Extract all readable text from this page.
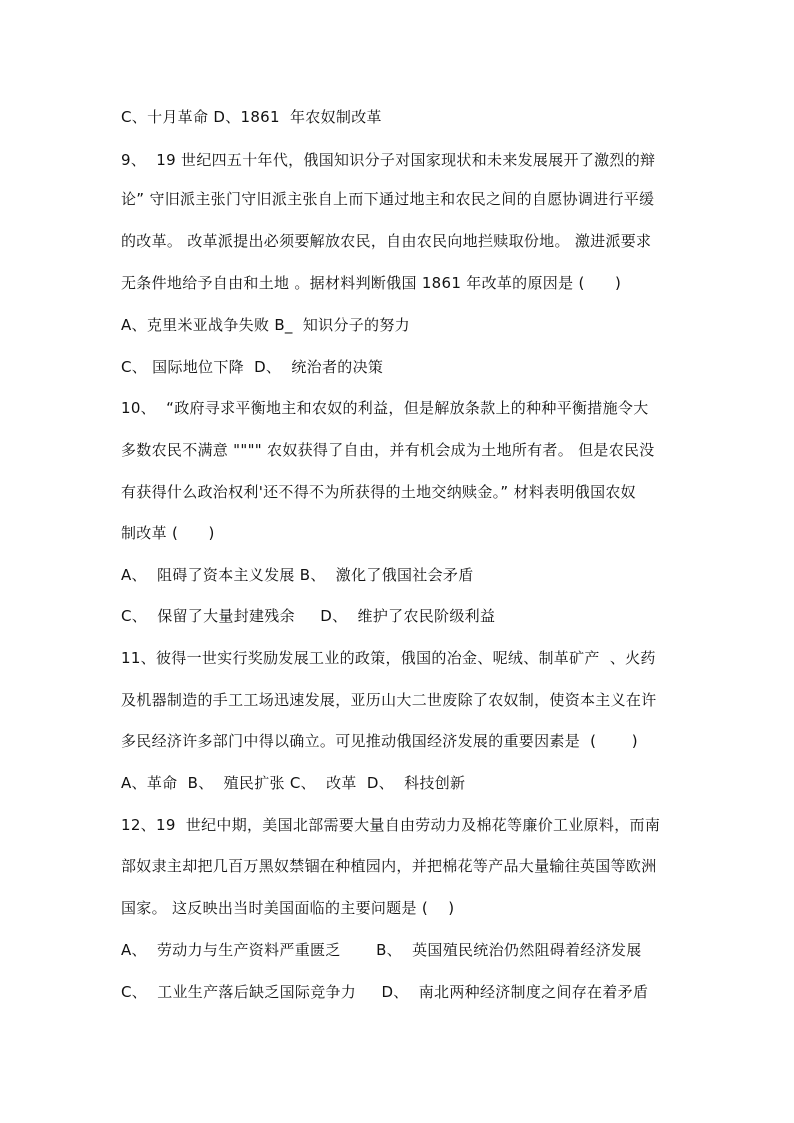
C、十月革命 D、1861  年农奴制改革
9、  19 世纪四五十年代，俄国知识分子对国家现状和未来发展展开了激烈的辩
论” 守旧派主张门守旧派主张自上而下通过地主和农民之间的自愿协调进行平缓
的改革。 改革派提出必须要解放农民，自由农民向地拦赎取份地。 激进派要求
无条件地给予自由和土地 。据材料判断俄国 1861 年改革的原因是 (      )
A、克里米亚战争失败 B_  知识分子的努力
C、 国际地位下降  D、  统治者的决策
10、  “政府寻求平衡地主和农奴的利益，但是解放条款上的种种平衡措施令大
多数农民不满意 """" 农奴获得了自由，并有机会成为土地所有者。 但是农民没
有获得什么政治权利'还不得不为所获得的土地交纳赎金。” 材料表明俄国农奴
制改革 (      )
A、  阻碍了资本主义发展 B、  激化了俄国社会矛盾
C、  保留了大量封建残余     D、  维护了农民阶级利益
11、彼得一世实行奖励发展工业的政策，俄国的冶金、呢绒、制革矿产  、火药
及机器制造的手工工场迅速发展，亚历山大二世废除了农奴制，使资本主义在许
多民经济许多部门中得以确立。可见推动俄国经济发展的重要因素是  (       )
A、革命  B、  殖民扩张 C、  改革  D、  科技创新
12、19  世纪中期，美国北部需要大量自由劳动力及棉花等廉价工业原料，而南
部奴隶主却把几百万黑奴禁锢在种植园内，并把棉花等产品大量输往英国等欧洲
国家。 这反映出当时美国面临的主要问题是 (    )
A、  劳动力与生产资料严重匮乏       B、  英国殖民统治仍然阻碍着经济发展
C、  工业生产落后缺乏国际竞争力     D、  南北两种经济制度之间存在着矛盾
